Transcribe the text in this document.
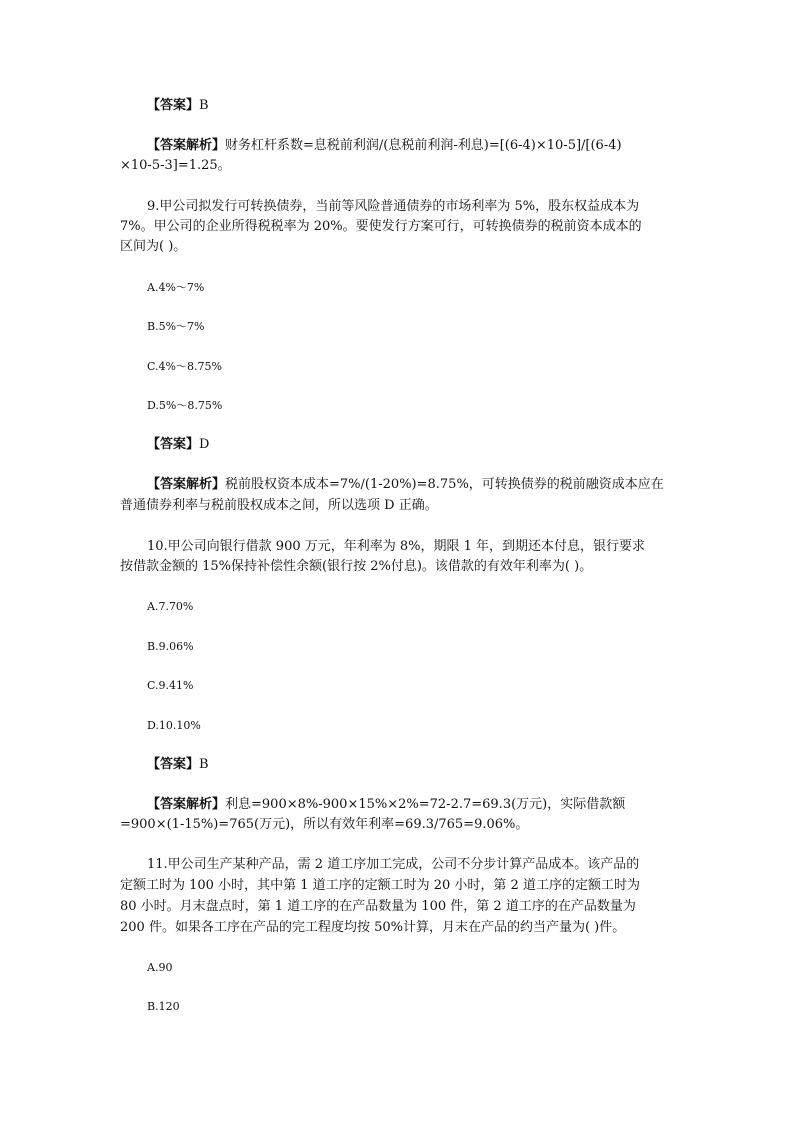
【答案】B
【答案解析】财务杠杆系数=息税前利润/(息税前利润-利息)=[(6-4)×10-5]/[(6-4)
×10-5-3]=1.25。
9.甲公司拟发行可转换债券，当前等风险普通债券的市场利率为 5%，股东权益成本为
7%。甲公司的企业所得税税率为 20%。要使发行方案可行，可转换债券的税前资本成本的
区间为( )。
A.4%～7%
B.5%～7%
C.4%～8.75%
D.5%～8.75%
【答案】D
【答案解析】税前股权资本成本=7%/(1-20%)=8.75%，可转换债券的税前融资成本应在
普通债券利率与税前股权成本之间，所以选项 D 正确。
10.甲公司向银行借款 900 万元，年利率为 8%，期限 1 年，到期还本付息，银行要求
按借款金额的 15%保持补偿性余额(银行按 2%付息)。该借款的有效年利率为( )。
A.7.70%
B.9.06%
C.9.41%
D.10.10%
【答案】B
【答案解析】利息=900×8%-900×15%×2%=72-2.7=69.3(万元)，实际借款额
=900×(1-15%)=765(万元)，所以有效年利率=69.3/765=9.06%。
11.甲公司生产某种产品，需 2 道工序加工完成，公司不分步计算产品成本。该产品的
定额工时为 100 小时，其中第 1 道工序的定额工时为 20 小时，第 2 道工序的定额工时为
80 小时。月末盘点时，第 1 道工序的在产品数量为 100 件，第 2 道工序的在产品数量为
200 件。如果各工序在产品的完工程度均按 50%计算，月末在产品的约当产量为( )件。
A.90
B.120
